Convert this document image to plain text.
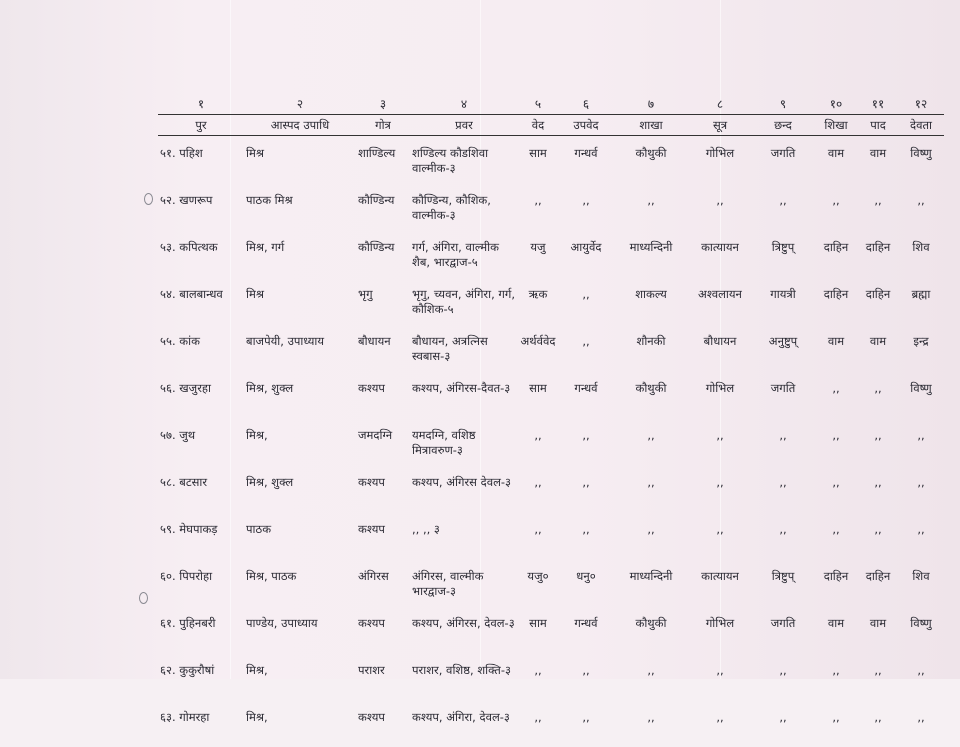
१	२	३	४	५	६	७	८	९	१०	११	१२
पुर	आस्पद उपाधि	गोत्र	प्रवर	वेद	उपवेद	शाखा	सूत्र	छन्द	शिखा	पाद	देवता
५१. पहिश	मिश्र	शाण्डिल्य	शण्डिल्य कौडशिवा वाल्मीक-३	साम	गन्धर्व	कौथुकी	गोभिल	जगति	वाम	वाम	विष्णु
५२. खणरूप	पाठक मिश्र	कौण्डिन्य	कौण्डिन्य, कौशिक, वाल्मीक-३	,,	,,	,,	,,	,,	,,	,,	,,
५३. कपित्थक	मिश्र, गर्ग	कौण्डिन्य	गर्ग, अंगिरा, वाल्मीक शैब, भारद्वाज-५	यजु	आयुर्वेद	माध्यन्दिनी	कात्यायन	त्रिष्टुप्	दाहिन	दाहिन	शिव
५४. बालबान्धव	मिश्र	भृगु	भृगु, च्यवन, अंगिरा, गर्ग, कौशिक-५	ऋक	,,	शाकल्य	अश्वलायन	गायत्री	दाहिन	दाहिन	ब्रह्मा
५५. कांक	बाजपेयी, उपाध्याय	बौधायन	बौधायन, अत्रत्निस स्वबास-३	अर्थर्ववेद	,,	शौनकी	बौधायन	अनुष्टुप्	वाम	वाम	इन्द्र
५६. खजुरहा	मिश्र, शुक्ल	कश्यप	कश्यप, अंगिरस-दैवत-३	साम	गन्धर्व	कौथुकी	गोभिल	जगति	,,	,,	विष्णु
५७. जुथ	मिश्र,	जमदग्नि	यमदग्नि, वशिष्ठ मित्रावरुण-३	,,	,,	,,	,,	,,	,,	,,	,,
५८. बटसार	मिश्र, शुक्ल	कश्यप	कश्यप, अंगिरस देवल-३	,,	,,	,,	,,	,,	,,	,,	,,
५९. मेघपाकड़	पाठक	कश्यप	,, ,, ३	,,	,,	,,	,,	,,	,,	,,	,,
६०. पिपरोहा	मिश्र, पाठक	अंगिरस	अंगिरस, वाल्मीक भारद्वाज-३	यजु०	धनु०	माध्यन्दिनी	कात्यायन	त्रिष्टुप्	दाहिन	दाहिन	शिव
६१. पुहिनबरी	पाण्डेय, उपाध्याय	कश्यप	कश्यप, अंगिरस, देवल-३	साम	गन्धर्व	कौथुकी	गोभिल	जगति	वाम	वाम	विष्णु
६२. कुकुरौषां	मिश्र,	पराशर	पराशर, वशिष्ठ, शक्ति-३	,,	,,	,,	,,	,,	,,	,,	,,
६३. गोमरहा	मिश्र,	कश्यप	कश्यप, अंगिरा, देवल-३	,,	,,	,,	,,	,,	,,	,,	,,
